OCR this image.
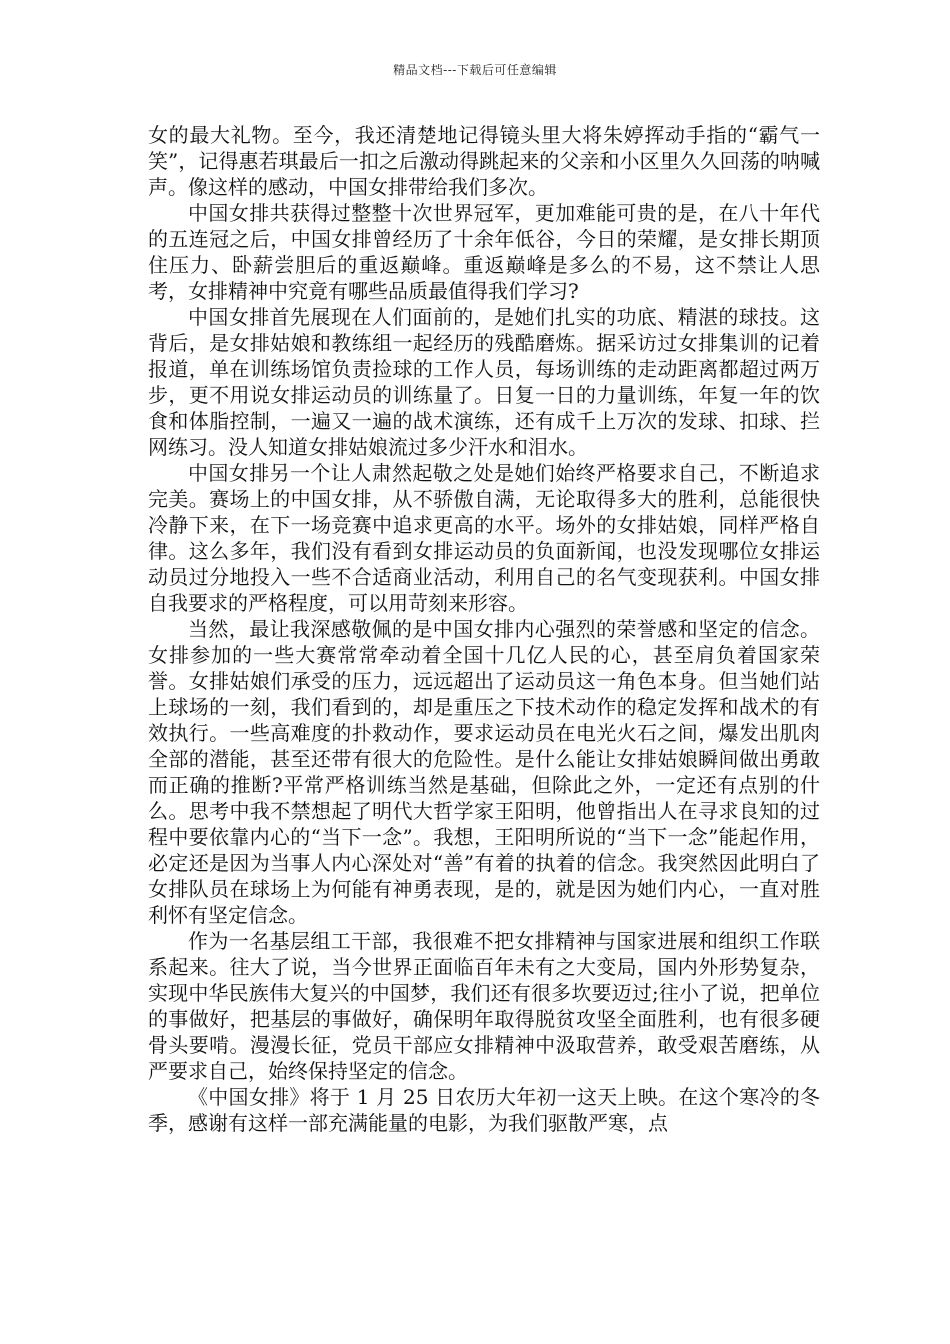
精品文档---下载后可任意编辑

女的最大礼物。至今，我还清楚地记得镜头里大将朱婷挥动手指的“霸气一笑”，记得惠若琪最后一扣之后激动得跳起来的父亲和小区里久久回荡的呐喊声。像这样的感动，中国女排带给我们多次。

中国女排共获得过整整十次世界冠军，更加难能可贵的是，在八十年代的五连冠之后，中国女排曾经历了十余年低谷，今日的荣耀，是女排长期顶住压力、卧薪尝胆后的重返巅峰。重返巅峰是多么的不易，这不禁让人思考，女排精神中究竟有哪些品质最值得我们学习?

中国女排首先展现在人们面前的，是她们扎实的功底、精湛的球技。这背后，是女排姑娘和教练组一起经历的残酷磨炼。据采访过女排集训的记着报道，单在训练场馆负责捡球的工作人员，每场训练的走动距离都超过两万步，更不用说女排运动员的训练量了。日复一日的力量训练，年复一年的饮食和体脂控制，一遍又一遍的战术演练，还有成千上万次的发球、扣球、拦网练习。没人知道女排姑娘流过多少汗水和泪水。

中国女排另一个让人肃然起敬之处是她们始终严格要求自己，不断追求完美。赛场上的中国女排，从不骄傲自满，无论取得多大的胜利，总能很快冷静下来，在下一场竞赛中追求更高的水平。场外的女排姑娘，同样严格自律。这么多年，我们没有看到女排运动员的负面新闻，也没发现哪位女排运动员过分地投入一些不合适商业活动，利用自己的名气变现获利。中国女排自我要求的严格程度，可以用苛刻来形容。

当然，最让我深感敬佩的是中国女排内心强烈的荣誉感和坚定的信念。女排参加的一些大赛常常牵动着全国十几亿人民的心，甚至肩负着国家荣誉。女排姑娘们承受的压力，远远超出了运动员这一角色本身。但当她们站上球场的一刻，我们看到的，却是重压之下技术动作的稳定发挥和战术的有效执行。一些高难度的扑救动作，要求运动员在电光火石之间，爆发出肌肉全部的潜能，甚至还带有很大的危险性。是什么能让女排姑娘瞬间做出勇敢而正确的推断?平常严格训练当然是基础，但除此之外，一定还有点别的什么。思考中我不禁想起了明代大哲学家王阳明，他曾指出人在寻求良知的过程中要依靠内心的“当下一念”。我想，王阳明所说的“当下一念”能起作用，必定还是因为当事人内心深处对“善”有着的执着的信念。我突然因此明白了女排队员在球场上为何能有神勇表现，是的，就是因为她们内心，一直对胜利怀有坚定信念。

作为一名基层组工干部，我很难不把女排精神与国家进展和组织工作联系起来。往大了说，当今世界正面临百年未有之大变局，国内外形势复杂，实现中华民族伟大复兴的中国梦，我们还有很多坎要迈过;往小了说，把单位的事做好，把基层的事做好，确保明年取得脱贫攻坚全面胜利，也有很多硬骨头要啃。漫漫长征，党员干部应女排精神中汲取营养，敢受艰苦磨练，从严要求自己，始终保持坚定的信念。

《中国女排》将于 1 月 25 日农历大年初一这天上映。在这个寒冷的冬季，感谢有这样一部充满能量的电影，为我们驱散严寒，点
